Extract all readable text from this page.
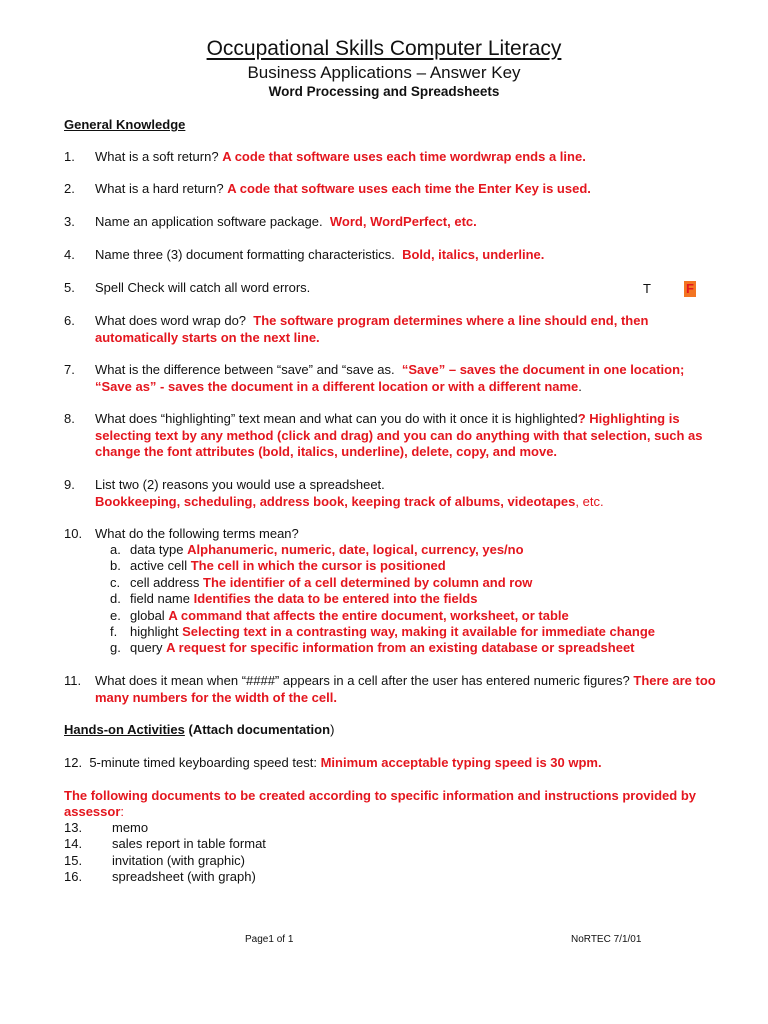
Occupational Skills Computer Literacy
Business Applications – Answer Key
Word Processing and Spreadsheets
General Knowledge
1. What is a soft return? A code that software uses each time wordwrap ends a line.
2. What is a hard return? A code that software uses each time the Enter Key is used.
3. Name an application software package. Word, WordPerfect, etc.
4. Name three (3) document formatting characteristics. Bold, italics, underline.
5. Spell Check will catch all word errors.	T	F
6. What does word wrap do? The software program determines where a line should end, then automatically starts on the next line.
7. What is the difference between “save” and “save as. “Save” – saves the document in one location; “Save as” - saves the document in a different location or with a different name.
8. What does “highlighting” text mean and what can you do with it once it is highlighted? Highlighting is selecting text by any method (click and drag) and you can do anything with that selection, such as change the font attributes (bold, italics, underline), delete, copy, and move.
9. List two (2) reasons you would use a spreadsheet.
Bookkeeping, scheduling, address book, keeping track of albums, videotapes, etc.
10. What do the following terms mean?
a. data type Alphanumeric, numeric, date, logical, currency, yes/no
b. active cell The cell in which the cursor is positioned
c. cell address The identifier of a cell determined by column and row
d. field name Identifies the data to be entered into the fields
e. global A command that affects the entire document, worksheet, or table
f. highlight Selecting text in a contrasting way, making it available for immediate change
g. query A request for specific information from an existing database or spreadsheet
11. What does it mean when “####” appears in a cell after the user has entered numeric figures? There are too many numbers for the width of the cell.
Hands-on Activities (Attach documentation)
12. 5-minute timed keyboarding speed test: Minimum acceptable typing speed is 30 wpm.
The following documents to be created according to specific information and instructions provided by assessor:
13. memo
14. sales report in table format
15. invitation (with graphic)
16. spreadsheet (with graph)
Page1 of 1	NoRTEC 7/1/01
